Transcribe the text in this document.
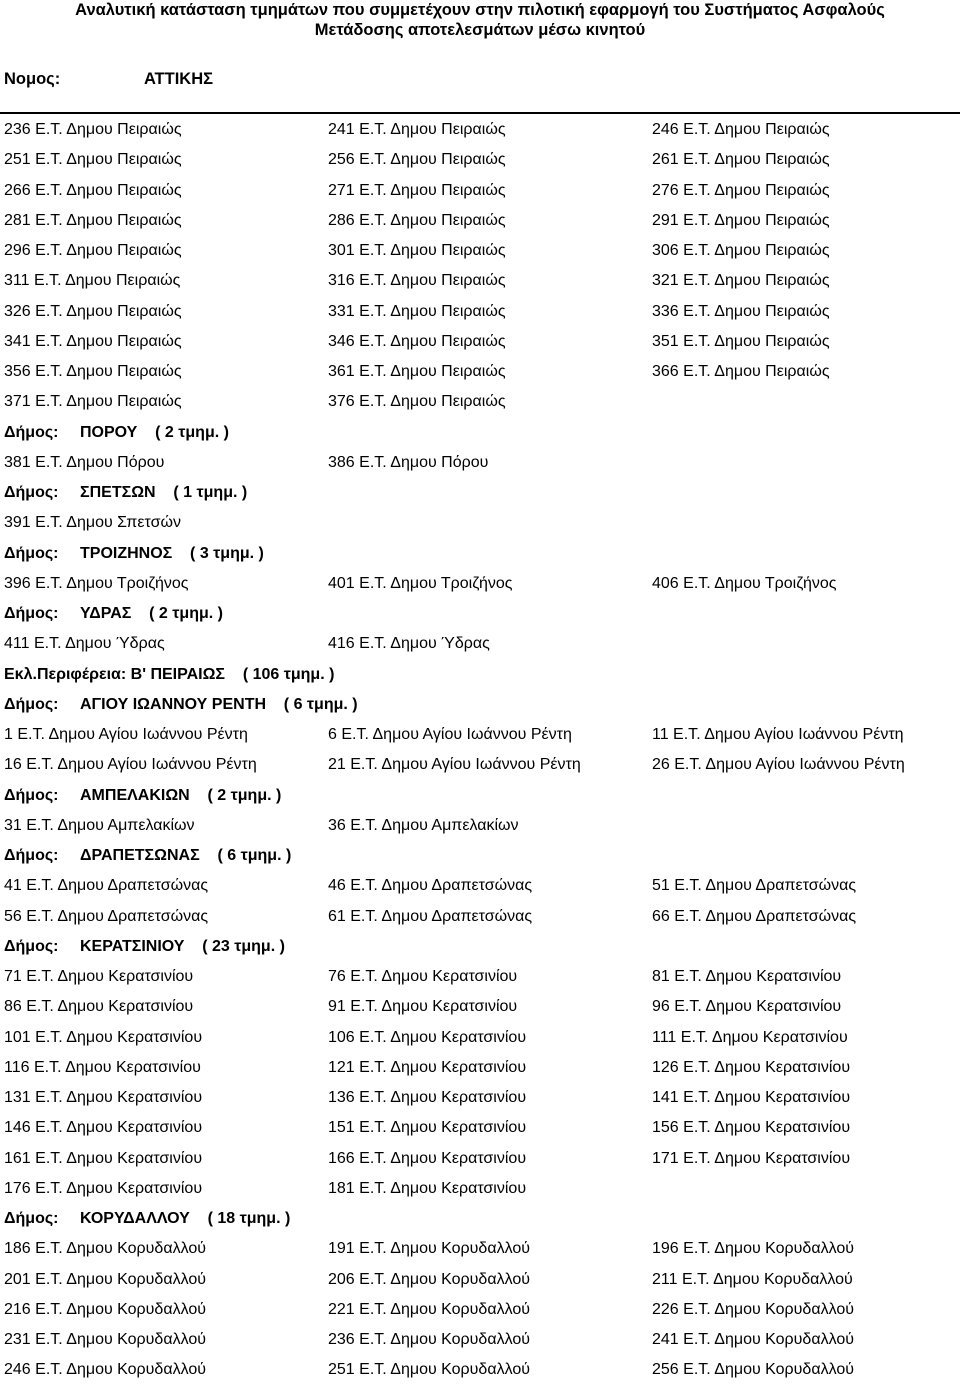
Αναλυτική κατάσταση τμημάτων που συμμετέχουν στην πιλοτική εφαρμογή του Συστήματος Ασφαλούς
Μετάδοσης αποτελεσμάτων μέσω κινητού
Νομος:	ΑΤΤΙΚΗΣ
236 Ε.Τ. Δημου Πειραιώς	241 Ε.Τ. Δημου Πειραιώς	246 Ε.Τ. Δημου Πειραιώς
251 Ε.Τ. Δημου Πειραιώς	256 Ε.Τ. Δημου Πειραιώς	261 Ε.Τ. Δημου Πειραιώς
266 Ε.Τ. Δημου Πειραιώς	271 Ε.Τ. Δημου Πειραιώς	276 Ε.Τ. Δημου Πειραιώς
281 Ε.Τ. Δημου Πειραιώς	286 Ε.Τ. Δημου Πειραιώς	291 Ε.Τ. Δημου Πειραιώς
296 Ε.Τ. Δημου Πειραιώς	301 Ε.Τ. Δημου Πειραιώς	306 Ε.Τ. Δημου Πειραιώς
311 Ε.Τ. Δημου Πειραιώς	316 Ε.Τ. Δημου Πειραιώς	321 Ε.Τ. Δημου Πειραιώς
326 Ε.Τ. Δημου Πειραιώς	331 Ε.Τ. Δημου Πειραιώς	336 Ε.Τ. Δημου Πειραιώς
341 Ε.Τ. Δημου Πειραιώς	346 Ε.Τ. Δημου Πειραιώς	351 Ε.Τ. Δημου Πειραιώς
356 Ε.Τ. Δημου Πειραιώς	361 Ε.Τ. Δημου Πειραιώς	366 Ε.Τ. Δημου Πειραιώς
371 Ε.Τ. Δημου Πειραιώς	376 Ε.Τ. Δημου Πειραιώς
Δήμος: ΠΟΡΟΥ    ( 2 τμημ. )
381 Ε.Τ. Δημου Πόρου	386 Ε.Τ. Δημου Πόρου
Δήμος: ΣΠΕΤΣΩΝ    ( 1 τμημ. )
391 Ε.Τ. Δημου Σπετσών
Δήμος: ΤΡΟΙΖΗΝΟΣ    ( 3 τμημ. )
396 Ε.Τ. Δημου Τροιζήνος	401 Ε.Τ. Δημου Τροιζήνος	406 Ε.Τ. Δημου Τροιζήνος
Δήμος: ΥΔΡΑΣ    ( 2 τμημ. )
411 Ε.Τ. Δημου Ύδρας	416 Ε.Τ. Δημου Ύδρας
Εκλ.Περιφέρεια: Β' ΠΕΙΡΑΙΩΣ    ( 106 τμημ. )
Δήμος: ΑΓΙΟΥ ΙΩΑΝΝΟΥ ΡΕΝΤΗ    ( 6 τμημ. )
1 Ε.Τ. Δημου Αγίου Ιωάννου Ρέντη	6 Ε.Τ. Δημου Αγίου Ιωάννου Ρέντη	11 Ε.Τ. Δημου Αγίου Ιωάννου Ρέντη
16 Ε.Τ. Δημου Αγίου Ιωάννου Ρέντη	21 Ε.Τ. Δημου Αγίου Ιωάννου Ρέντη	26 Ε.Τ. Δημου Αγίου Ιωάννου Ρέντη
Δήμος: ΑΜΠΕΛΑΚΙΩΝ    ( 2 τμημ. )
31 Ε.Τ. Δημου Αμπελακίων	36 Ε.Τ. Δημου Αμπελακίων
Δήμος: ΔΡΑΠΕΤΣΩΝΑΣ    ( 6 τμημ. )
41 Ε.Τ. Δημου Δραπετσώνας	46 Ε.Τ. Δημου Δραπετσώνας	51 Ε.Τ. Δημου Δραπετσώνας
56 Ε.Τ. Δημου Δραπετσώνας	61 Ε.Τ. Δημου Δραπετσώνας	66 Ε.Τ. Δημου Δραπετσώνας
Δήμος: ΚΕΡΑΤΣΙΝΙΟΥ    ( 23 τμημ. )
71 Ε.Τ. Δημου Κερατσινίου	76 Ε.Τ. Δημου Κερατσινίου	81 Ε.Τ. Δημου Κερατσινίου
86 Ε.Τ. Δημου Κερατσινίου	91 Ε.Τ. Δημου Κερατσινίου	96 Ε.Τ. Δημου Κερατσινίου
101 Ε.Τ. Δημου Κερατσινίου	106 Ε.Τ. Δημου Κερατσινίου	111 Ε.Τ. Δημου Κερατσινίου
116 Ε.Τ. Δημου Κερατσινίου	121 Ε.Τ. Δημου Κερατσινίου	126 Ε.Τ. Δημου Κερατσινίου
131 Ε.Τ. Δημου Κερατσινίου	136 Ε.Τ. Δημου Κερατσινίου	141 Ε.Τ. Δημου Κερατσινίου
146 Ε.Τ. Δημου Κερατσινίου	151 Ε.Τ. Δημου Κερατσινίου	156 Ε.Τ. Δημου Κερατσινίου
161 Ε.Τ. Δημου Κερατσινίου	166 Ε.Τ. Δημου Κερατσινίου	171 Ε.Τ. Δημου Κερατσινίου
176 Ε.Τ. Δημου Κερατσινίου	181 Ε.Τ. Δημου Κερατσινίου
Δήμος: ΚΟΡΥΔΑΛΛΟΥ    ( 18 τμημ. )
186 Ε.Τ. Δημου Κορυδαλλού	191 Ε.Τ. Δημου Κορυδαλλού	196 Ε.Τ. Δημου Κορυδαλλού
201 Ε.Τ. Δημου Κορυδαλλού	206 Ε.Τ. Δημου Κορυδαλλού	211 Ε.Τ. Δημου Κορυδαλλού
216 Ε.Τ. Δημου Κορυδαλλού	221 Ε.Τ. Δημου Κορυδαλλού	226 Ε.Τ. Δημου Κορυδαλλού
231 Ε.Τ. Δημου Κορυδαλλού	236 Ε.Τ. Δημου Κορυδαλλού	241 Ε.Τ. Δημου Κορυδαλλού
246 Ε.Τ. Δημου Κορυδαλλού	251 Ε.Τ. Δημου Κορυδαλλού	256 Ε.Τ. Δημου Κορυδαλλού
